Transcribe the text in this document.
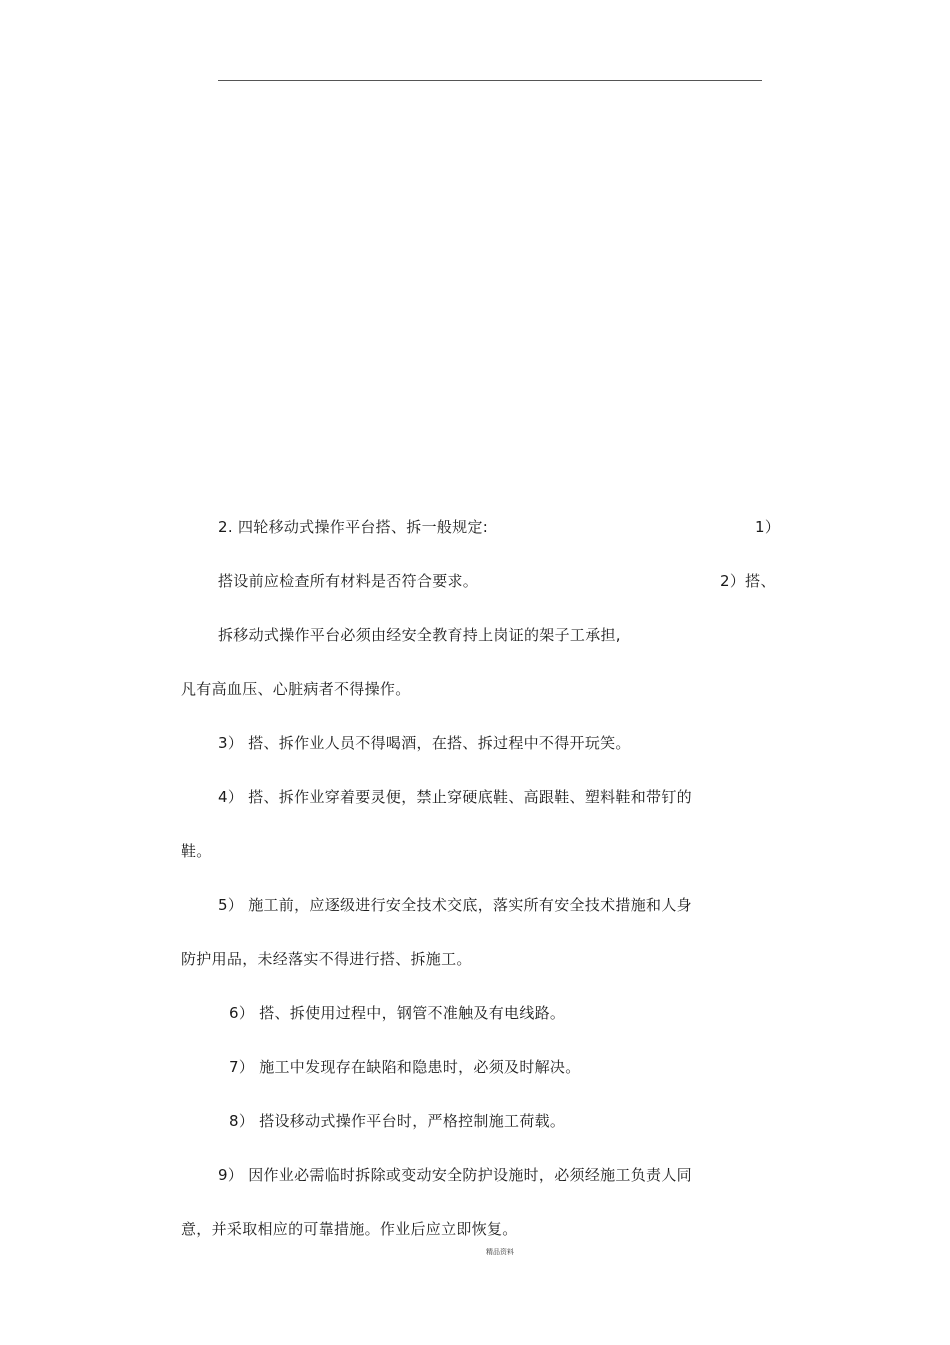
2. 四轮移动式操作平台搭、拆一般规定:	1）
搭设前应检查所有材料是否符合要求。	2）搭、
拆移动式操作平台必须由经安全教育持上岗证的架子工承担,
凡有高血压、心脏病者不得操作。
3） 搭、拆作业人员不得喝酒，在搭、拆过程中不得开玩笑。
4） 搭、拆作业穿着要灵便，禁止穿硬底鞋、高跟鞋、塑料鞋和带钉的
鞋。
5） 施工前，应逐级进行安全技术交底，落实所有安全技术措施和人身
防护用品，未经落实不得进行搭、拆施工。
6） 搭、拆使用过程中，钢管不准触及有电线路。
7） 施工中发现存在缺陷和隐患时，必须及时解决。
8） 搭设移动式操作平台时，严格控制施工荷载。
9） 因作业必需临时拆除或变动安全防护设施时，必须经施工负责人同
意，并采取相应的可靠措施。作业后应立即恢复。
精品资料
